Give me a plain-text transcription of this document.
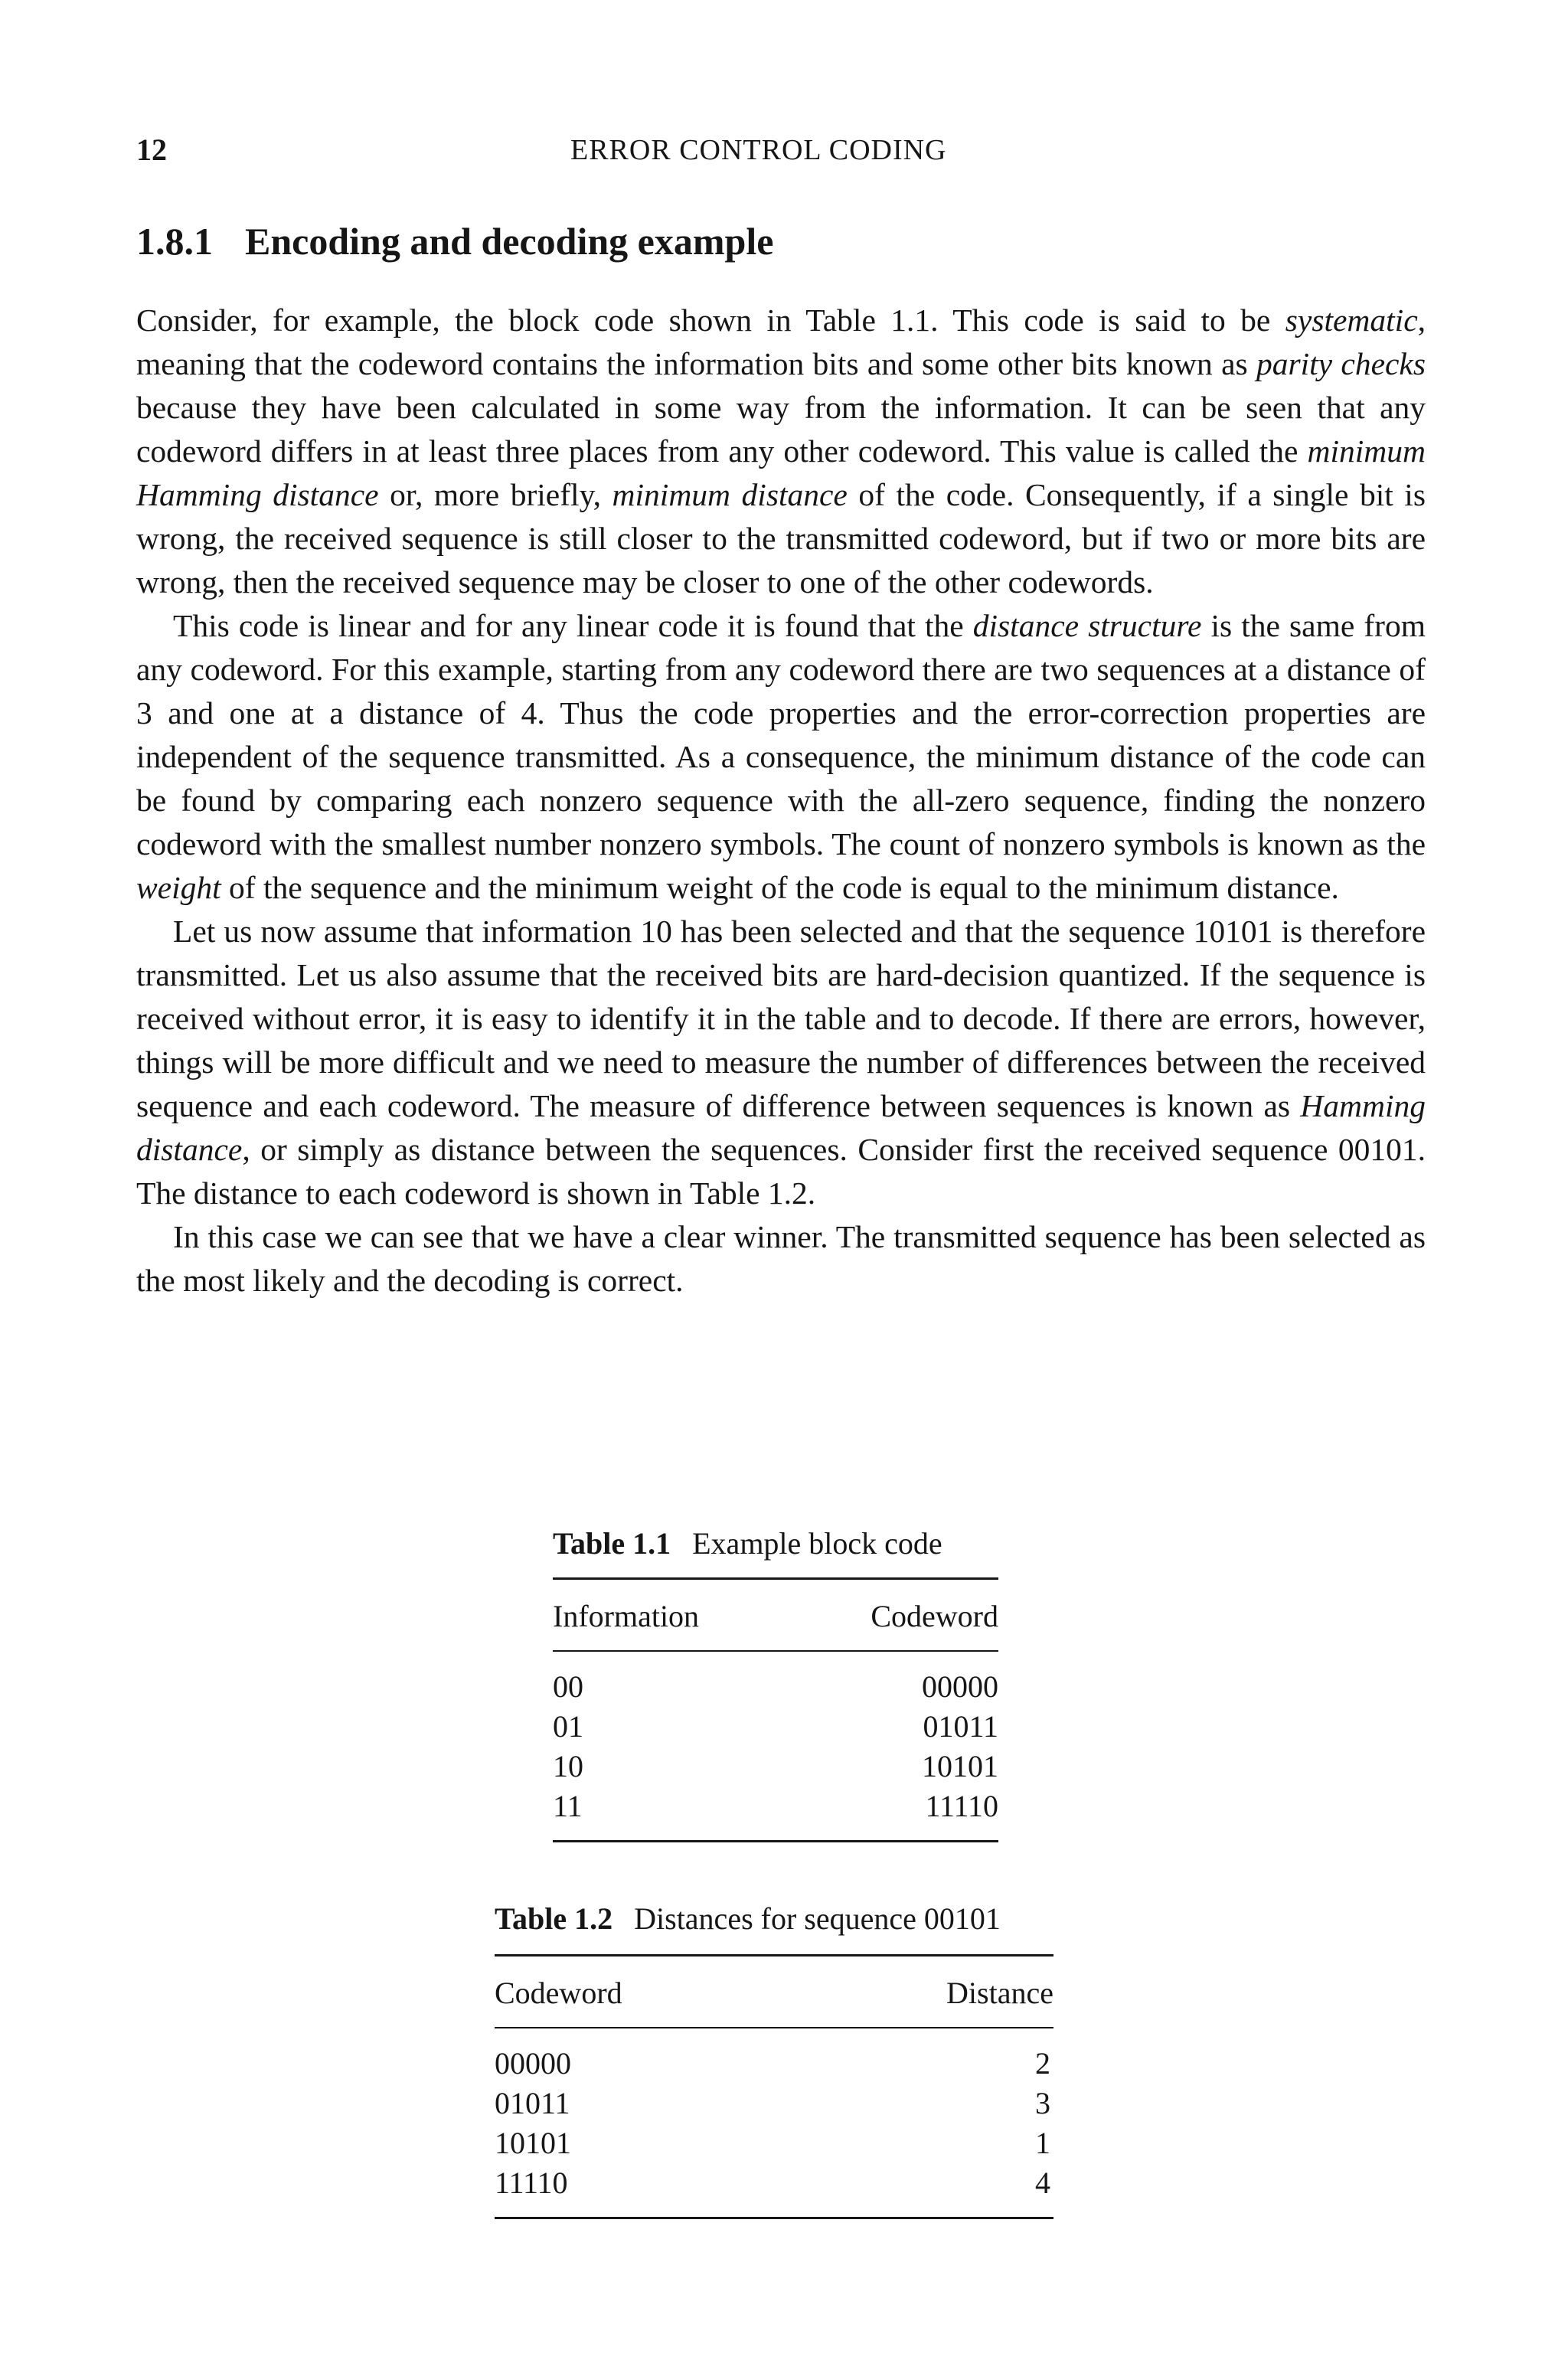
12	ERROR CONTROL CODING
1.8.1 Encoding and decoding example

Consider, for example, the block code shown in Table 1.1. This code is said to be systematic, meaning that the codeword contains the information bits and some other bits known as parity checks because they have been calculated in some way from the information. It can be seen that any codeword differs in at least three places from any other codeword. This value is called the minimum Hamming distance or, more briefly, minimum distance of the code. Consequently, if a single bit is wrong, the received sequence is still closer to the transmitted codeword, but if two or more bits are wrong, then the received sequence may be closer to one of the other codewords.

This code is linear and for any linear code it is found that the distance structure is the same from any codeword. For this example, starting from any codeword there are two sequences at a distance of 3 and one at a distance of 4. Thus the code properties and the error-correction properties are independent of the sequence transmitted. As a consequence, the minimum distance of the code can be found by comparing each nonzero sequence with the all-zero sequence, finding the nonzero codeword with the smallest number nonzero symbols. The count of nonzero symbols is known as the weight of the sequence and the minimum weight of the code is equal to the minimum distance.

Let us now assume that information 10 has been selected and that the sequence 10101 is therefore transmitted. Let us also assume that the received bits are hard-decision quantized. If the sequence is received without error, it is easy to identify it in the table and to decode. If there are errors, however, things will be more difficult and we need to measure the number of differences between the received sequence and each codeword. The measure of difference between sequences is known as Hamming distance, or simply as distance between the sequences. Consider first the received sequence 00101. The distance to each codeword is shown in Table 1.2.

In this case we can see that we have a clear winner. The transmitted sequence has been selected as the most likely and the decoding is correct.

Table 1.1 Example block code
Information	Codeword
00	00000
01	01011
10	10101
11	11110
Table 1.2 Distances for sequence 00101
Codeword	Distance
00000	2
01011	3
10101	1
11110	4
